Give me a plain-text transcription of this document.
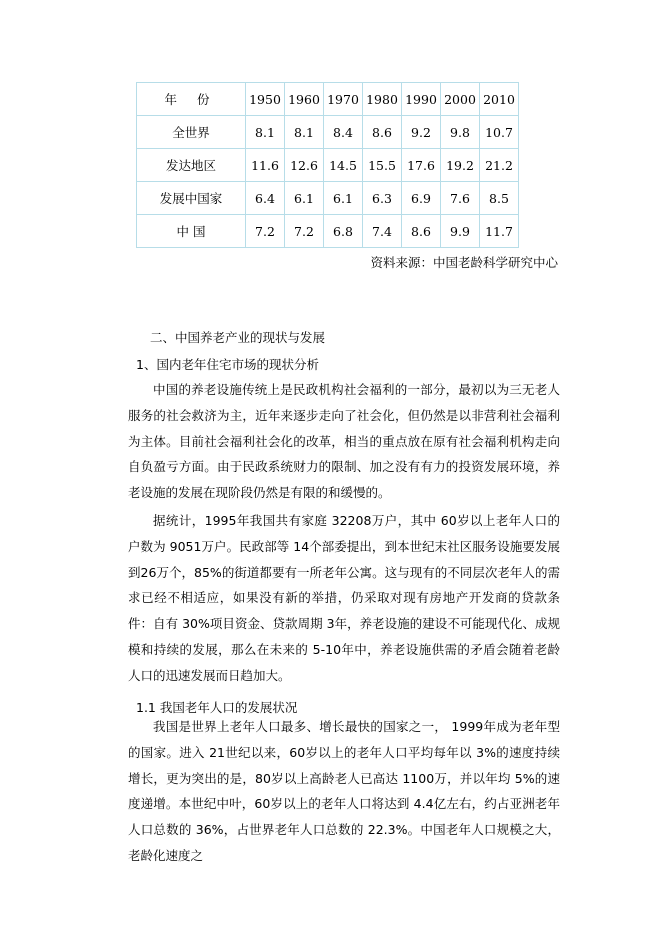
年 份	1950	1960	1970	1980	1990	2000	2010
全世界	8.1	8.1	8.4	8.6	9.2	9.8	10.7
发达地区	11.6	12.6	14.5	15.5	17.6	19.2	21.2
发展中国家	6.4	6.1	6.1	6.3	6.9	7.6	8.5
中 国	7.2	7.2	6.8	7.4	8.6	9.9	11.7
资料来源：中国老龄科学研究中心
二、中国养老产业的现状与发展
1、国内老年住宅市场的现状分析
中国的养老设施传统上是民政机构社会福利的一部分，最初以为三无老人服务的社会救济为主，近年来逐步走向了社会化，但仍然是以非营利社会福利为主体。目前社会福利社会化的改革，相当的重点放在原有社会福利机构走向自负盈亏方面。由于民政系统财力的限制、加之没有有力的投资发展环境，养老设施的发展在现阶段仍然是有限的和缓慢的。
据统计，1995年我国共有家庭 32208万户，其中 60岁以上老年人口的户数为 9051万户。民政部等 14个部委提出，到本世纪末社区服务设施要发展到26万个，85%的街道都要有一所老年公寓。这与现有的不同层次老年人的需求已经不相适应，如果没有新的举措，仍采取对现有房地产开发商的贷款条件：自有 30%项目资金、贷款周期 3年，养老设施的建设不可能现代化、成规模和持续的发展，那么在未来的 5-10年中，养老设施供需的矛盾会随着老龄人口的迅速发展而日趋加大。
1.1 我国老年人口的发展状况
我国是世界上老年人口最多、增长最快的国家之一， 1999年成为老年型的国家。进入 21世纪以来，60岁以上的老年人口平均每年以 3%的速度持续增长，更为突出的是，80岁以上高龄老人已高达 1100万，并以年均 5%的速度递增。本世纪中叶，60岁以上的老年人口将达到 4.4亿左右，约占亚洲老年人口总数的 36%，占世界老年人口总数的 22.3%。中国老年人口规模之大，老龄化速度之
